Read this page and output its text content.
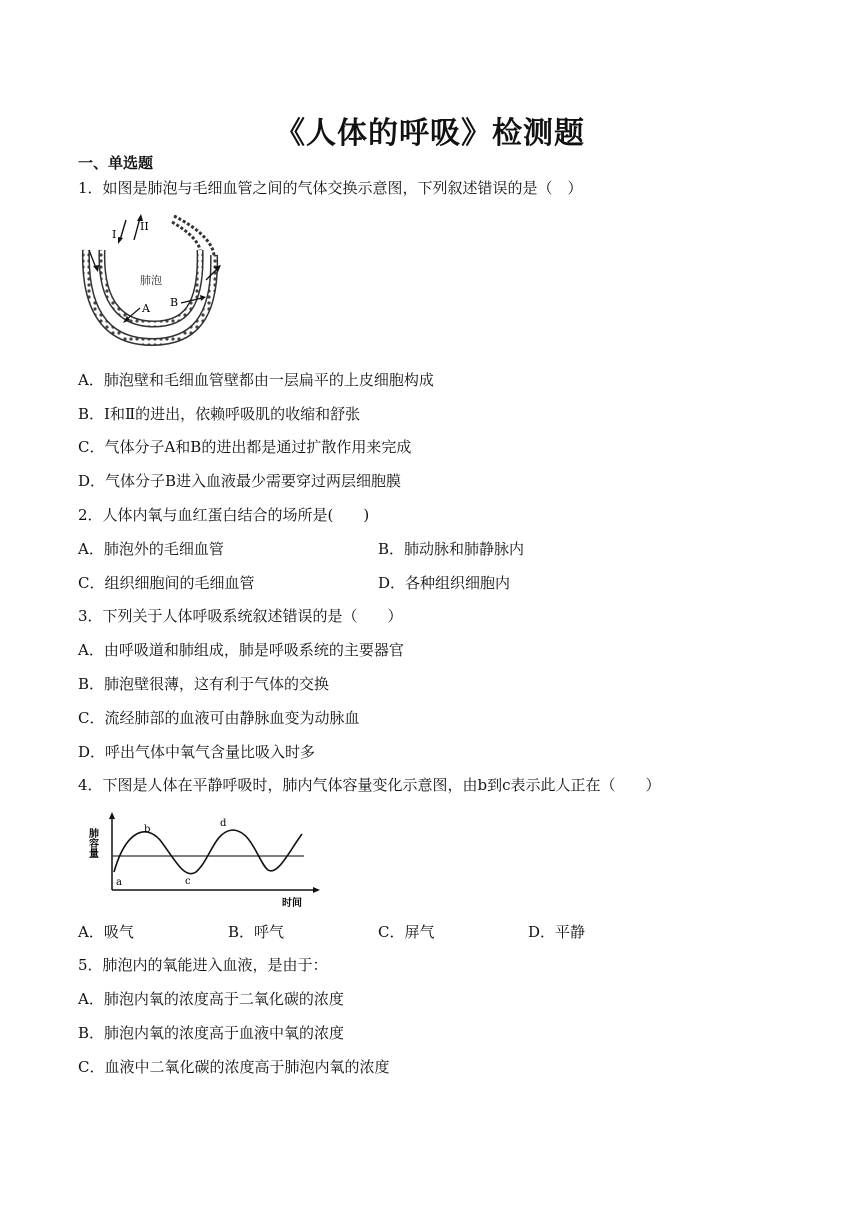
《人体的呼吸》检测题
一、单选题
1．如图是肺泡与毛细血管之间的气体交换示意图，下列叙述错误的是（　）
I
II
肺泡
A B
A．肺泡壁和毛细血管壁都由一层扁平的上皮细胞构成
B．Ⅰ和Ⅱ的进出，依赖呼吸肌的收缩和舒张
C．气体分子A和B的进出都是通过扩散作用来完成
D．气体分子B进入血液最少需要穿过两层细胞膜
2．人体内氧与血红蛋白结合的场所是(　　)
A．肺泡外的毛细血管	B．肺动脉和肺静脉内
C．组织细胞间的毛细血管	D．各种组织细胞内
3．下列关于人体呼吸系统叙述错误的是（　　）
A．由呼吸道和肺组成，肺是呼吸系统的主要器官
B．肺泡壁很薄，这有利于气体的交换
C．流经肺部的血液可由静脉血变为动脉血
D．呼出气体中氧气含量比吸入时多
4．下图是人体在平静呼吸时，肺内气体容量变化示意图，由b到c表示此人正在（　　）
肺容量
a
b
c
d
时间
A．吸气	B．呼气	C．屏气	D．平静
5．肺泡内的氧能进入血液，是由于：
A．肺泡内氧的浓度高于二氧化碳的浓度
B．肺泡内氧的浓度高于血液中氧的浓度
C．血液中二氧化碳的浓度高于肺泡内氧的浓度
